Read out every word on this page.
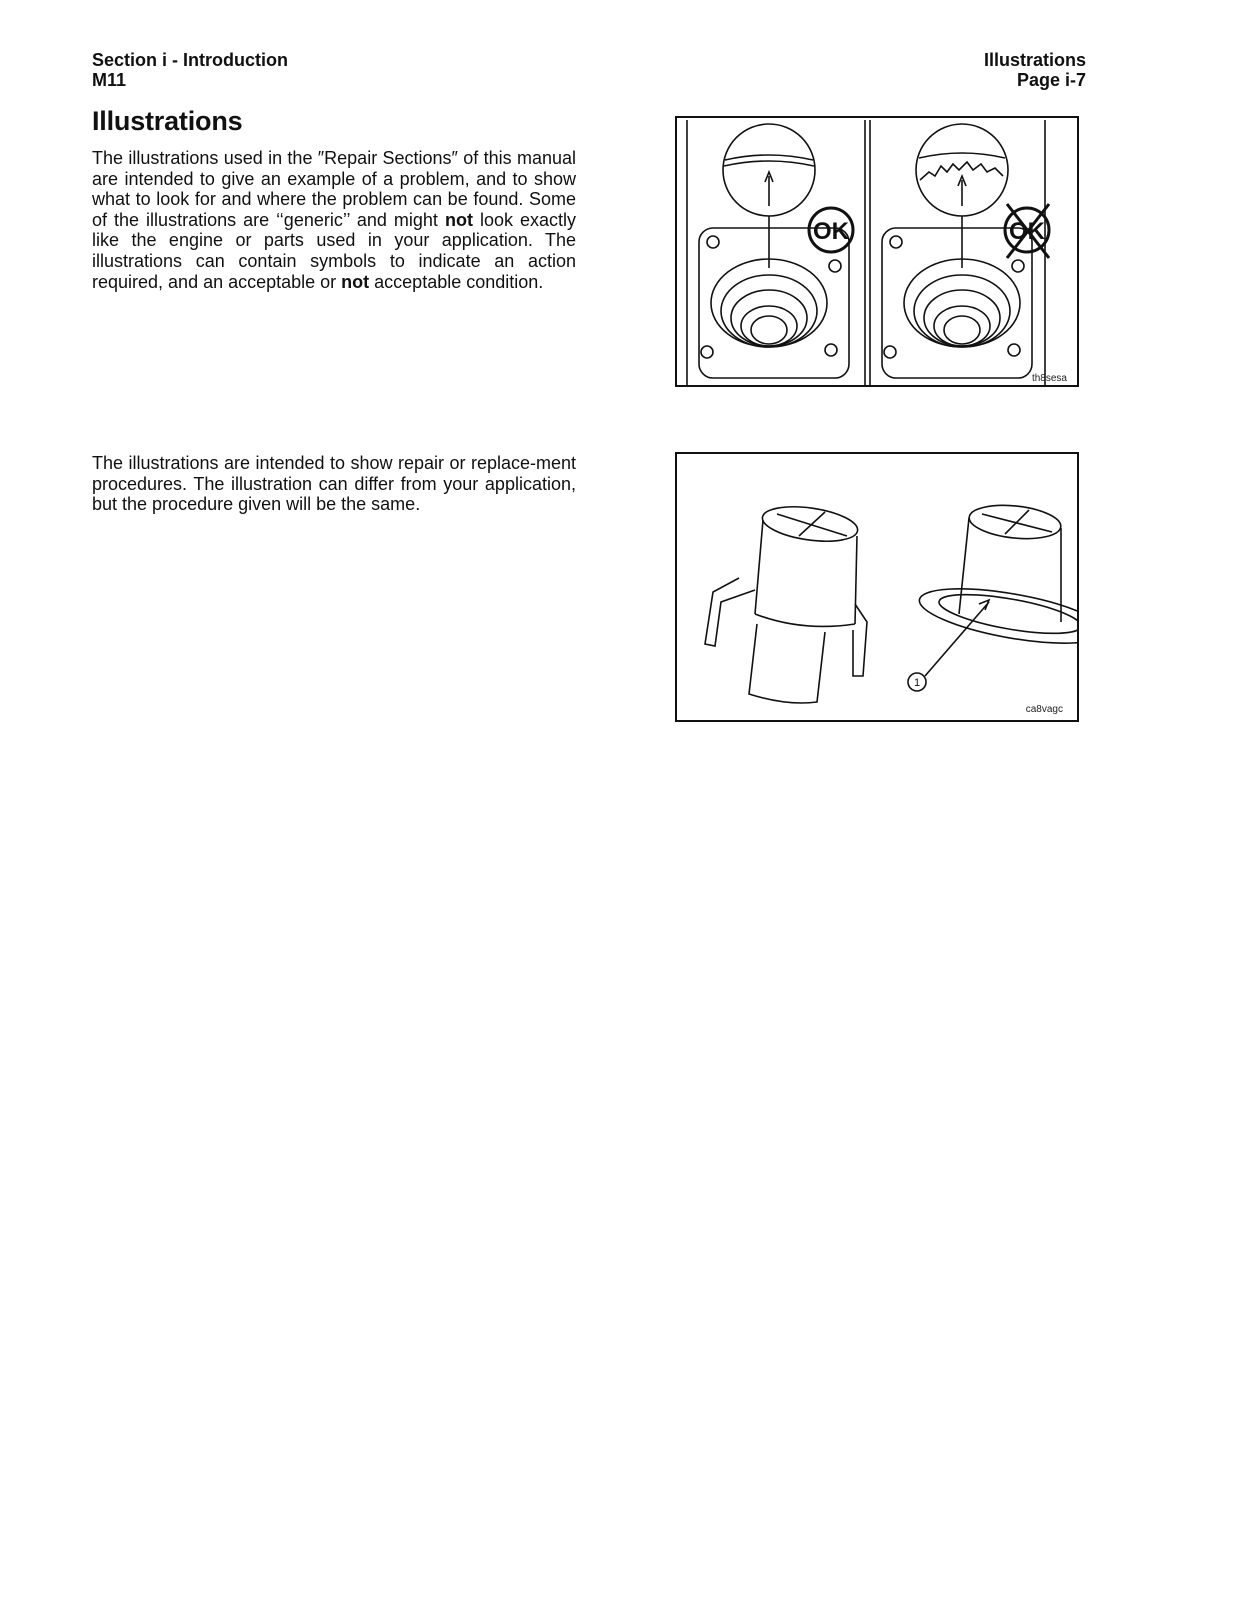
Section i - Introduction
M11
Illustrations
Page i-7
Illustrations

The illustrations used in the ″Repair Sections″ of this manual are intended to give an example of a problem, and to show what to look for and where the problem can be found. Some of the illustrations are ‘‘generic’’ and might not look exactly like the engine or parts used in your application. The illustrations can contain symbols to indicate an action required, and an acceptable or not acceptable condition.

The illustrations are intended to show repair or replace-ment procedures. The illustration can differ from your application, but the procedure given will be the same.

OK	OK
th8sesa
1
ca8vagc
